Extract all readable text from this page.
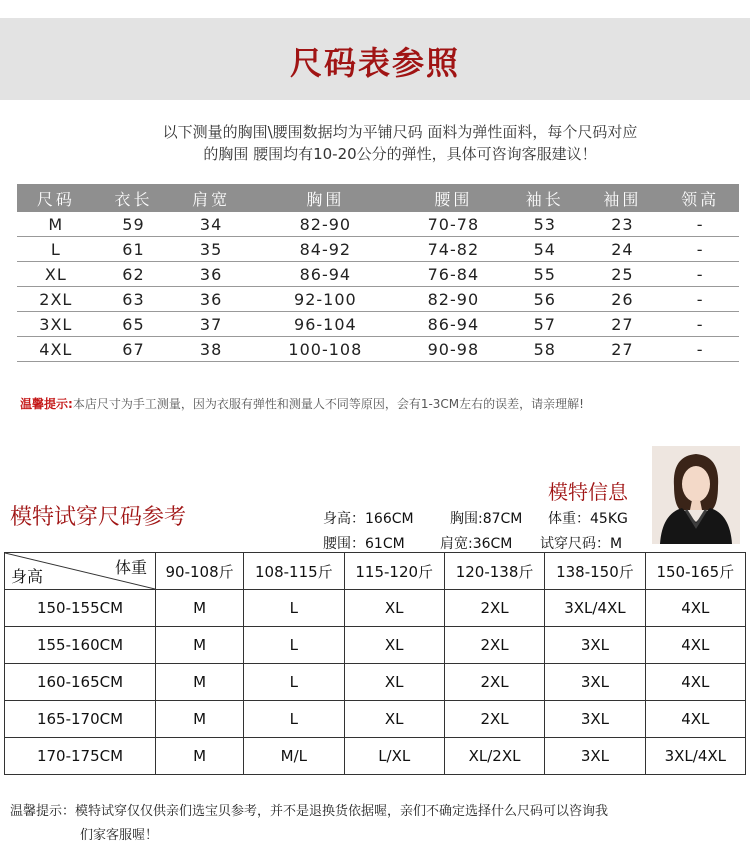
尺码表参照
以下测量的胸围\腰围数据均为平铺尺码 面料为弹性面料，每个尺码对应
的胸围 腰围均有10-20公分的弹性，具体可咨询客服建议！
尺码	衣长	肩宽	胸围	腰围	袖长	袖围	领高
M	59	34	82-90	70-78	53	23	-
L	61	35	84-92	74-82	54	24	-
XL	62	36	86-94	76-84	55	25	-
2XL	63	36	92-100	82-90	56	26	-
3XL	65	37	96-104	86-94	57	27	-
4XL	67	38	100-108	90-98	58	27	-
温馨提示:本店尺寸为手工测量，因为衣服有弹性和测量人不同等原因，会有1-3CM左右的误差，请亲理解!
模特试穿尺码参考
模特信息
身高：166CM	胸围:87CM 体重：45KG
腰围：61CM	肩宽:36CM 试穿尺码：M
体重
身高	90-108斤	108-115斤	115-120斤	120-138斤	138-150斤	150-165斤
150-155CM	M	L	XL	2XL	3XL/4XL	4XL
155-160CM	M	L	XL	2XL	3XL	4XL
160-165CM	M	L	XL	2XL	3XL	4XL
165-170CM	M	L	XL	2XL	3XL	4XL
170-175CM	M	M/L	L/XL	XL/2XL	3XL	3XL/4XL
温馨提示：模特试穿仅仅供亲们选宝贝参考，并不是退换货依据喔，亲们不确定选择什么尺码可以咨询我
们家客服喔！
